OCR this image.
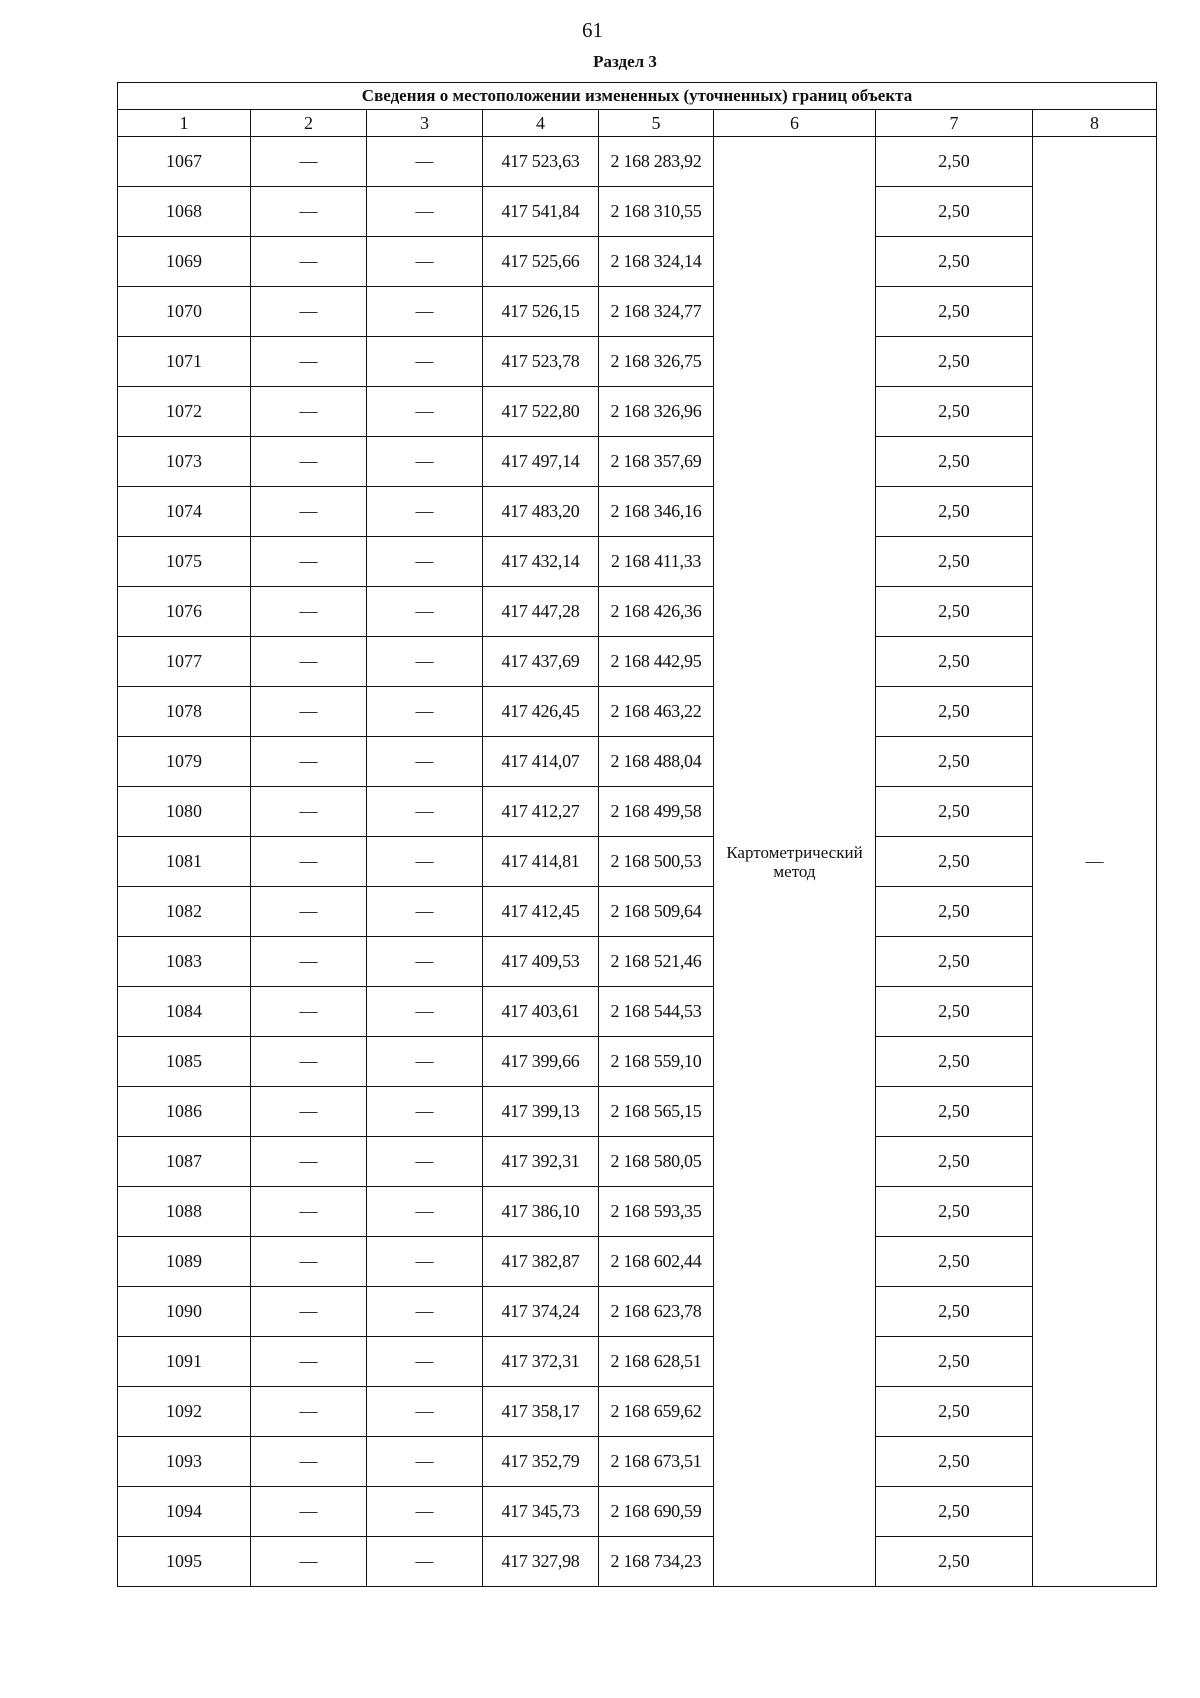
61
Раздел 3
Сведения о местоположении измененных (уточненных) границ объекта							
1	2	3	4	5	6	7	8
1067	—	—	417 523,63	2 168 283,92	Картометрический метод	2,50	—
1068	—	—	417 541,84	2 168 310,55		2,50	
1069	—	—	417 525,66	2 168 324,14		2,50	
1070	—	—	417 526,15	2 168 324,77		2,50	
1071	—	—	417 523,78	2 168 326,75		2,50	
1072	—	—	417 522,80	2 168 326,96		2,50	
1073	—	—	417 497,14	2 168 357,69		2,50	
1074	—	—	417 483,20	2 168 346,16		2,50	
1075	—	—	417 432,14	2 168 411,33		2,50	
1076	—	—	417 447,28	2 168 426,36		2,50	
1077	—	—	417 437,69	2 168 442,95		2,50	
1078	—	—	417 426,45	2 168 463,22		2,50	
1079	—	—	417 414,07	2 168 488,04		2,50	
1080	—	—	417 412,27	2 168 499,58		2,50	
1081	—	—	417 414,81	2 168 500,53		2,50	
1082	—	—	417 412,45	2 168 509,64		2,50	
1083	—	—	417 409,53	2 168 521,46		2,50	
1084	—	—	417 403,61	2 168 544,53		2,50	
1085	—	—	417 399,66	2 168 559,10		2,50	
1086	—	—	417 399,13	2 168 565,15		2,50	
1087	—	—	417 392,31	2 168 580,05		2,50	
1088	—	—	417 386,10	2 168 593,35		2,50	
1089	—	—	417 382,87	2 168 602,44		2,50	
1090	—	—	417 374,24	2 168 623,78		2,50	
1091	—	—	417 372,31	2 168 628,51		2,50	
1092	—	—	417 358,17	2 168 659,62		2,50	
1093	—	—	417 352,79	2 168 673,51		2,50	
1094	—	—	417 345,73	2 168 690,59		2,50	
1095	—	—	417 327,98	2 168 734,23		2,50	
